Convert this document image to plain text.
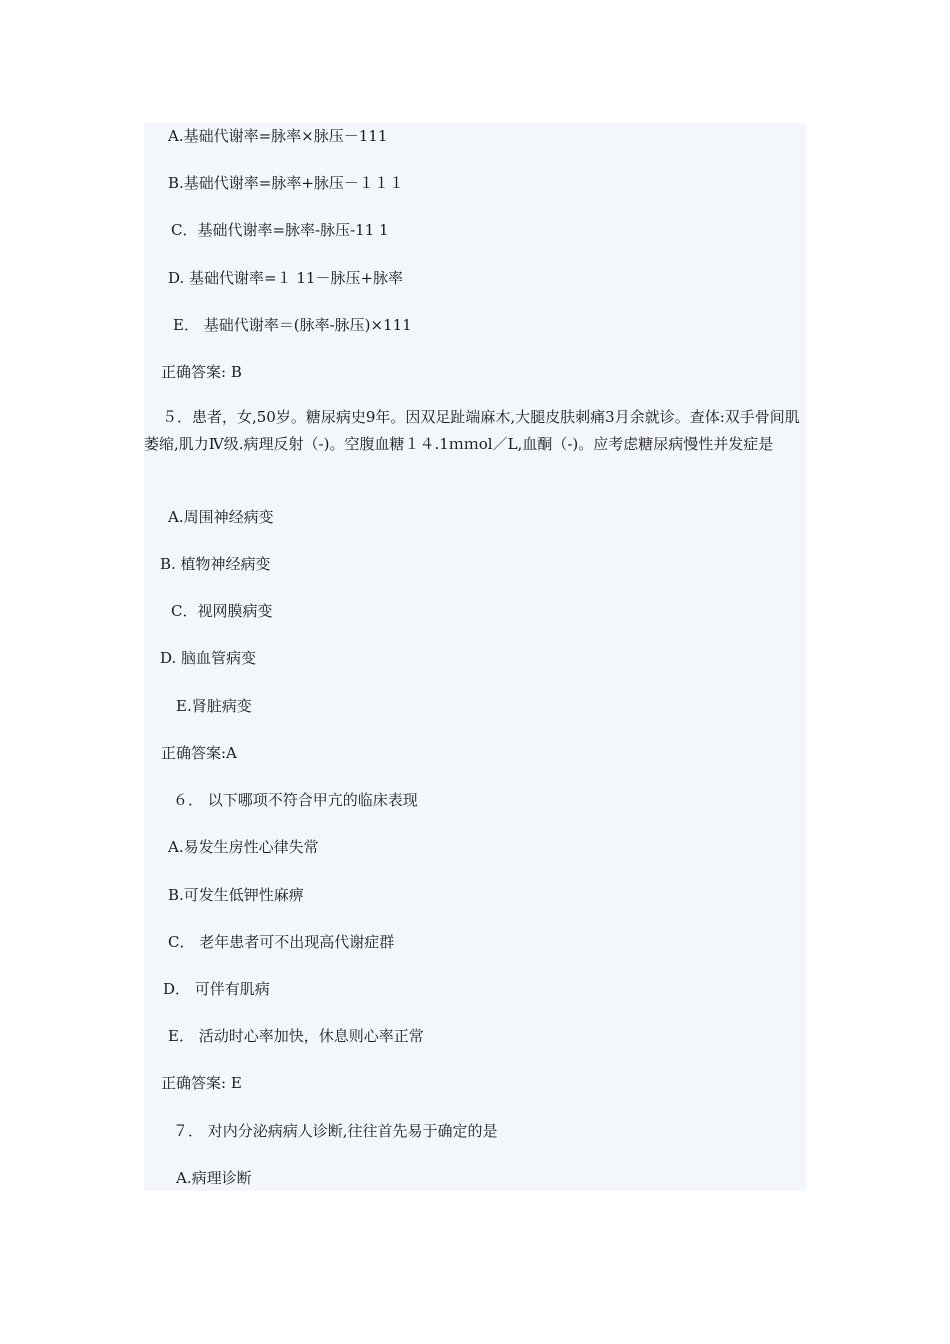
A.基础代谢率=脉率×脉压－111
B.基础代谢率=脉率+脉压－１１１
C．基础代谢率=脉率-脉压-11 1
D. 基础代谢率=１ 11－脉压+脉率
E． 基础代谢率＝(脉率-脉压)×111
正确答案: B
５．患者，女,50岁。糖尿病史9年。因双足趾端麻木,大腿皮肤刺痛3月余就诊。查体:双手骨间肌萎缩,肌力Ⅳ级.病理反射（-)。空腹血糖１４.1ｍｍol／L,血酮（-)。应考虑糖尿病慢性并发症是
A.周围神经病变
B. 植物神经病变
C．视网膜病变
D. 脑血管病变
E.肾脏病变
正确答案:A
６． 以下哪项不符合甲亢的临床表现
A.易发生房性心律失常
B.可发生低钾性麻痹
C． 老年患者可不出现高代谢症群
D． 可伴有肌病
E． 活动时心率加快，休息则心率正常
正确答案: E
７． 对内分泌病病人诊断,往往首先易于确定的是
A.病理诊断
